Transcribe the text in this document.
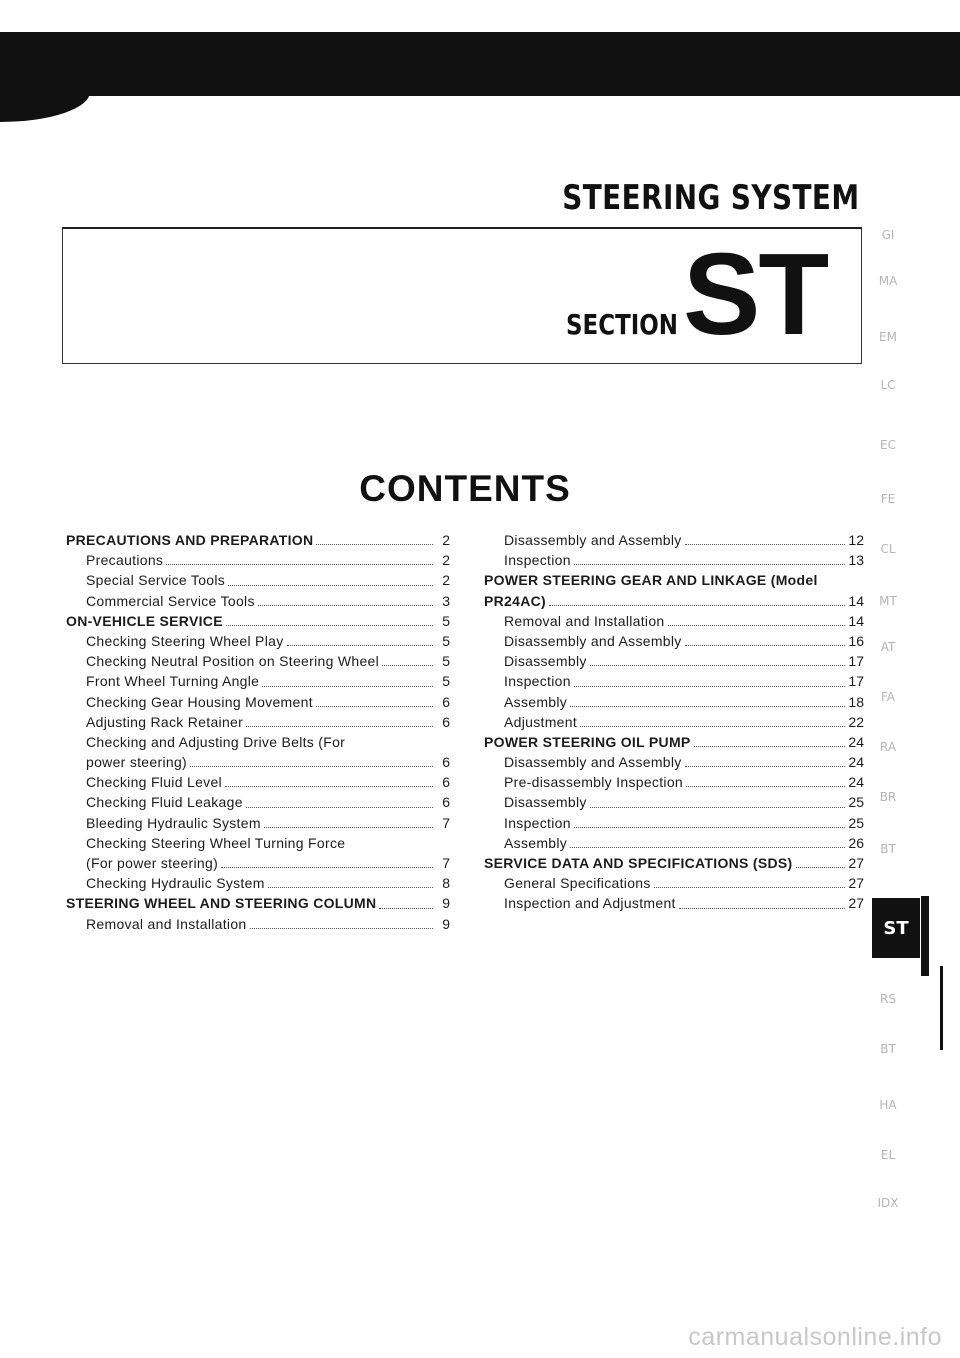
STEERING SYSTEM
SECTION ST
CONTENTS
PRECAUTIONS AND PREPARATION	2
Precautions	2
Special Service Tools	2
Commercial Service Tools	3
ON-VEHICLE SERVICE	5
Checking Steering Wheel Play	5
Checking Neutral Position on Steering Wheel	5
Front Wheel Turning Angle	5
Checking Gear Housing Movement	6
Adjusting Rack Retainer	6
Checking and Adjusting Drive Belts (For
power steering)	6
Checking Fluid Level	6
Checking Fluid Leakage	6
Bleeding Hydraulic System	7
Checking Steering Wheel Turning Force
(For power steering)	7
Checking Hydraulic System	8
STEERING WHEEL AND STEERING COLUMN	9
Removal and Installation	9
Disassembly and Assembly	12
Inspection	13
POWER STEERING GEAR AND LINKAGE (Model
PR24AC)	14
Removal and Installation	14
Disassembly and Assembly	16
Disassembly	17
Inspection	17
Assembly	18
Adjustment	22
POWER STEERING OIL PUMP	24
Disassembly and Assembly	24
Pre-disassembly Inspection	24
Disassembly	25
Inspection	25
Assembly	26
SERVICE DATA AND SPECIFICATIONS (SDS)	27
General Specifications	27
Inspection and Adjustment	27
GI
MA
EM
LC
EC
FE
CL
MT
AT
FA
RA
BR
BT
RS
BT
HA
EL
IDX
ST
carmanualsonline.info
